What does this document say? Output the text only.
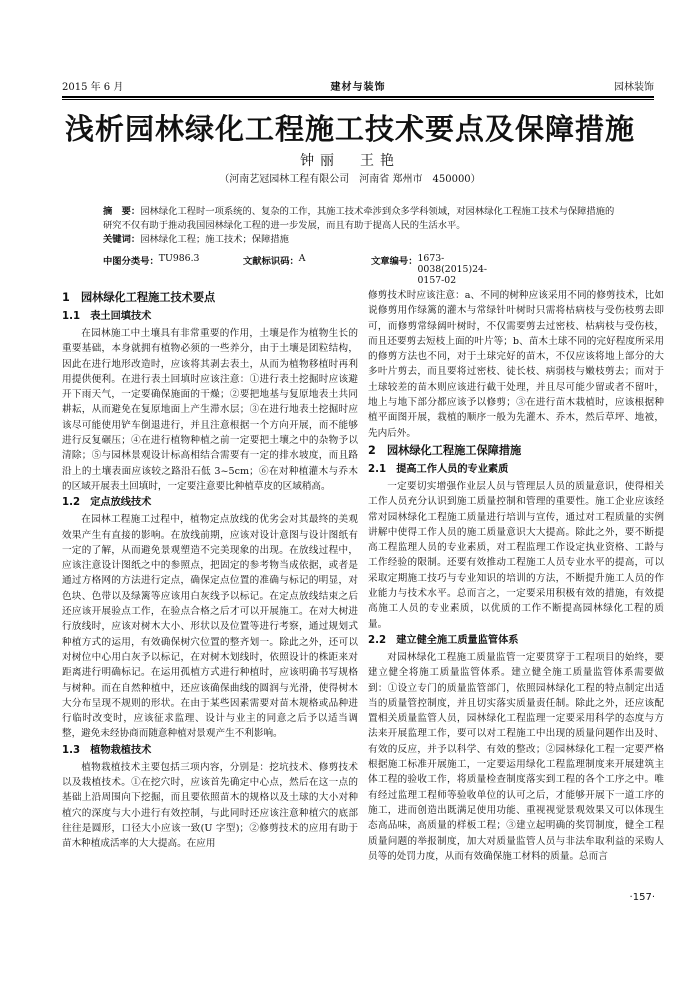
2015 年 6 月	建材与装饰	园林装饰
浅析园林绿化工程施工技术要点及保障措施
钟丽　王艳
（河南艺冠园林工程有限公司　河南省 郑州市　450000）
摘　要：园林绿化工程时一项系统的、复杂的工作，其施工技术牵涉到众多学科领域，对园林绿化工程施工技术与保障措施的研究不仅有助于推动我国园林绿化工程的进一步发展，而且有助于提高人民的生活水平。
关键词：园林绿化工程；施工技术；保障措施
中图分类号： TU986.3	文献标识码： A	文章编号： 1673-0038(2015)24-0157-02
1　园林绿化工程施工技术要点
1.1　表土回填技术

在园林施工中土壤具有非常重要的作用，土壤是作为植物生长的重要基础，本身就拥有植物必须的一些养分，由于土壤是团粒结构，因此在进行地形改造时，应该将其剥去表土，从而为植物移植时再利用提供便利。在进行表土回填时应该注意：①进行表土挖掘时应该避开下雨天气，一定要确保施面的干燥；②要把地基与复原地表土共同耕耘，从而避免在复原地面上产生滞水层；③在进行地表土挖掘时应该尽可能使用铲车倒退进行，并且注意根据一个方向开展，而不能够进行反复碾压；④在进行植物种植之前一定要把土壤之中的杂物予以清除；⑤与园林景观设计标高相结合需要有一定的排水坡度，而且路沿上的土壤表面应该较之路沿石低 3~5cm；⑥在对种植灌木与乔木的区域开展表土回填时，一定要注意要比种植草皮的区域稍高。

1.2　定点放线技术

在园林工程施工过程中，植物定点放线的优劣会对其最终的美观效果产生有直接的影响。在放线前期，应该对设计意图与设计图纸有一定的了解，从而避免景观塑造不完美现象的出现。在放线过程中，应该注意设计图纸之中的参照点，把固定的参考物当成依据，或者是通过方格网的方法进行定点，确保定点位置的准确与标记的明显，对色块、色带以及绿篱等应该用白灰线予以标记。在定点放线结束之后还应该开展验点工作，在验点合格之后才可以开展施工。在对大树进行放线时，应该对树木大小、形状以及位置等进行考察，通过规划式种植方式的运用，有效确保树穴位置的整齐划一。除此之外，还可以对树位中心用白灰予以标记，在对树木划线时，依照设计的株距来对距离进行明确标记。在运用孤植方式进行种植时，应该明确书写规格与树种。而在自然种植中，还应该确保曲线的圆润与光滑，使得树木大分布呈现不规则的形状。在由于某些因素需要对苗木规格或品种进行临时改变时，应该征求监理、设计与业主的同意之后予以适当调整，避免未经协商而随意种植对景观产生不利影响。

1.3　植物栽植技术

植物栽植技术主要包括三项内容，分别是：挖坑技术、修剪技术以及栽植技术。①在挖穴时，应该首先确定中心点，然后在这一点的基础上沿周围向下挖掘，而且要依照苗木的规格以及土球的大小对种植穴的深度与大小进行有效控制，与此同时还应该注意种植穴的底部往往是圆形，口径大小应该一致(U 字型)；②修剪技术的应用有助于苗木种植成活率的大大提高。在应用

修剪技术时应该注意：a、不同的树种应该采用不同的修剪技术，比如说修剪用作绿篱的灌木与常绿针叶树时只需将枯病枝与受伤枝剪去即可，而修剪常绿阔叶树时，不仅需要剪去过密枝、枯病枝与受伤枝，而且还要剪去短枝上面的叶片等；b、苗木土球不同的完好程度所采用的修剪方法也不同，对于土球完好的苗木，不仅应该将地上部分的大多叶片剪去，而且要将过密枝、徒长枝、病弱枝与嫩枝剪去；而对于土球较差的苗木则应该进行截干处理，并且尽可能少留或者不留叶，地上与地下部分都应该予以修剪；③在进行苗木栽植时，应该根据种植平面图开展，栽植的顺序一般为先灌木、乔木，然后草坪、地被，先内后外。

2　园林绿化工程施工保障措施
2.1　提高工作人员的专业素质

一定要切实增强作业层人员与管理层人员的质量意识，使得相关工作人员充分认识到施工质量控制和管理的重要性。施工企业应该经常对园林绿化工程施工质量进行培训与宣传，通过对工程质量的实例讲解中使得工作人员的施工质量意识大大提高。除此之外，要不断提高工程监理人员的专业素质，对工程监理工作设定执业资格、工龄与工作经验的限制。还要有效推动工程施工人员专业水平的提高，可以采取定期施工技巧与专业知识的培训的方法，不断提升施工人员的作业能力与技术水平。总而言之，一定要采用积极有效的措施，有效提高施工人员的专业素质，以优质的工作不断提高园林绿化工程的质量。

2.2　建立健全施工质量监管体系

对园林绿化工程施工质量监管一定要贯穿于工程项目的始终，要建立健全将施工质量监管体系。建立健全施工质量监管体系需要做到：①设立专门的质量监管部门，依照园林绿化工程的特点制定出适当的质量管控制度，并且切实落实质量责任制。除此之外，还应该配置相关质量监管人员，园林绿化工程监理一定要采用科学的态度与方法来开展监理工作，要可以对工程施工中出现的质量问题作出及时、有效的反应，并予以科学、有效的整改；②园林绿化工程一定要严格根据施工标准开展施工，一定要运用绿化工程监理制度来开展建筑主体工程的验收工作，将质量检查制度落实到工程的各个工序之中。唯有经过监理工程师等验收单位的认可之后，才能够开展下一道工序的施工，进而创造出既满足使用功能、重视视觉景观效果又可以体现生态高品味，高质量的样板工程；③建立起明确的奖罚制度，健全工程质量问题的举报制度，加大对质量监管人员与非法牟取利益的采购人员等的处罚力度，从而有效确保施工材料的质量。总而言

·157·
